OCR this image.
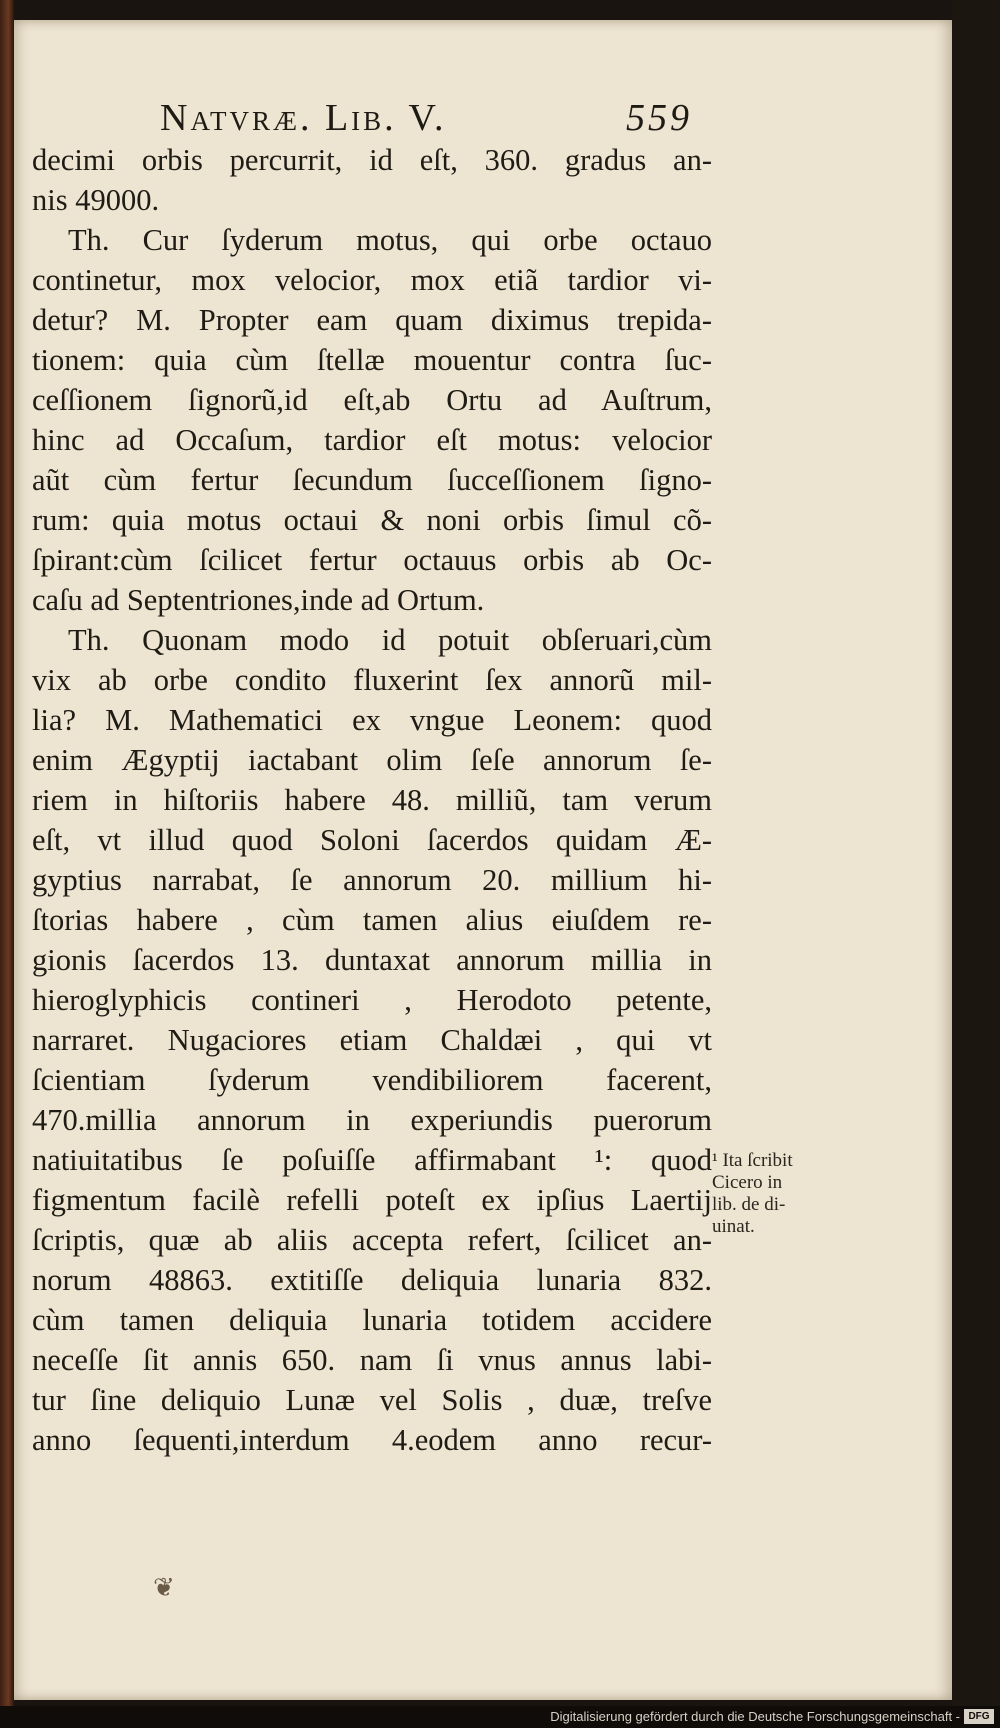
Natvræ. Lib. V.	559
decimi orbis percurrit, id eſt, 360. gradus an-
nis 49000.
Th. Cur ſyderum motus, qui orbe octauo
continetur, mox velocior, mox etiã tardior vi-
detur? M. Propter eam quam diximus trepida-
tionem: quia cùm ſtellæ mouentur contra ſuc-
ceſſionem ſignorũ,id eſt,ab Ortu ad Auſtrum,
hinc ad Occaſum, tardior eſt motus: velocior
aũt cùm fertur ſecundum ſucceſſionem ſigno-
rum: quia motus octaui & noni orbis ſimul cõ-
ſpirant:cùm ſcilicet fertur octauus orbis ab Oc-
caſu ad Septentriones,inde ad Ortum.
Th. Quonam modo id potuit obſeruari,cùm
vix ab orbe condito fluxerint ſex annorũ mil-
lia? M. Mathematici ex vngue Leonem: quod
enim Ægyptij iactabant olim ſeſe annorum ſe-
riem in hiſtoriis habere 48. milliũ, tam verum
eſt, vt illud quod Soloni ſacerdos quidam Æ-
gyptius narrabat, ſe annorum 20. millium hi-
ſtorias habere , cùm tamen alius eiuſdem re-
gionis ſacerdos 13. duntaxat annorum millia in
hieroglyphicis contineri , Herodoto petente,
narraret. Nugaciores etiam Chaldæi , qui vt
ſcientiam ſyderum vendibiliorem facerent,
470.millia annorum in experiundis puerorum
natiuitatibus ſe poſuiſſe affirmabant ¹: quod
figmentum facilè refelli poteſt ex ipſius Laertij
ſcriptis, quæ ab aliis accepta refert, ſcilicet an-
norum 48863. extitiſſe deliquia lunaria 832.
cùm tamen deliquia lunaria totidem accidere
neceſſe ſit annis 650. nam ſi vnus annus labi-
tur ſine deliquio Lunæ vel Solis , duæ, treſve
anno ſequenti,interdum 4.eodem anno recur-
¹ Ita ſcribit
Cicero in
lib. de di-
uinat.
❦
Digitalisierung gefördert durch die Deutsche Forschungsgemeinschaft - DFG
